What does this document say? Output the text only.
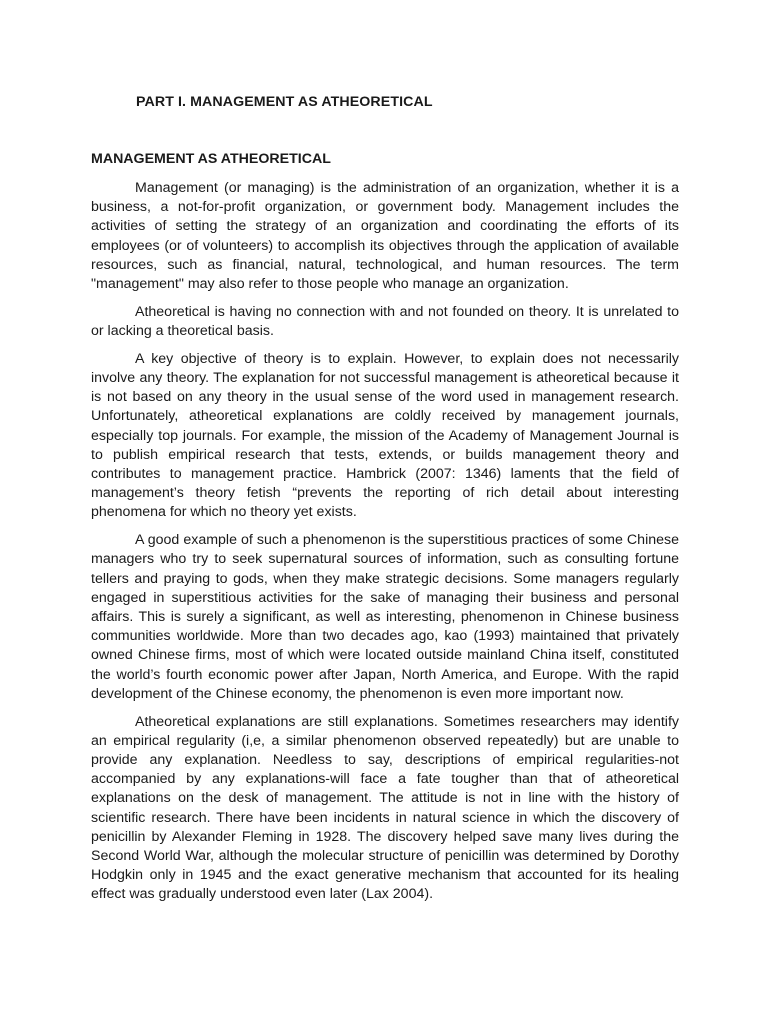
PART I. MANAGEMENT AS ATHEORETICAL
MANAGEMENT AS ATHEORETICAL

Management (or managing) is the administration of an organization, whether it is a business, a not-for-profit organization, or government body. Management includes the activities of setting the strategy of an organization and coordinating the efforts of its employees (or of volunteers) to accomplish its objectives through the application of available resources, such as financial, natural, technological, and human resources. The term "management" may also refer to those people who manage an organization.

Atheoretical is having no connection with and not founded on theory. It is unrelated to or lacking a theoretical basis.

A key objective of theory is to explain. However, to explain does not necessarily involve any theory. The explanation for not successful management is atheoretical because it is not based on any theory in the usual sense of the word used in management research. Unfortunately, atheoretical explanations are coldly received by management journals, especially top journals. For example, the mission of the Academy of Management Journal is to publish empirical research that tests, extends, or builds management theory and contributes to management practice. Hambrick (2007: 1346) laments that the field of management’s theory fetish “prevents the reporting of rich detail about interesting phenomena for which no theory yet exists.

A good example of such a phenomenon is the superstitious practices of some Chinese managers who try to seek supernatural sources of information, such as consulting fortune tellers and praying to gods, when they make strategic decisions. Some managers regularly engaged in superstitious activities for the sake of managing their business and personal affairs. This is surely a significant, as well as interesting, phenomenon in Chinese business communities worldwide. More than two decades ago, kao (1993) maintained that privately owned Chinese firms, most of which were located outside mainland China itself, constituted the world’s fourth economic power after Japan, North America, and Europe. With the rapid development of the Chinese economy, the phenomenon is even more important now.

Atheoretical explanations are still explanations. Sometimes researchers may identify an empirical regularity (i,e, a similar phenomenon observed repeatedly) but are unable to provide any explanation. Needless to say, descriptions of empirical regularities-not accompanied by any explanations-will face a fate tougher than that of atheoretical explanations on the desk of management. The attitude is not in line with the history of scientific research. There have been incidents in natural science in which the discovery of penicillin by Alexander Fleming in 1928. The discovery helped save many lives during the Second World War, although the molecular structure of penicillin was determined by Dorothy Hodgkin only in 1945 and the exact generative mechanism that accounted for its healing effect was gradually understood even later (Lax 2004).
